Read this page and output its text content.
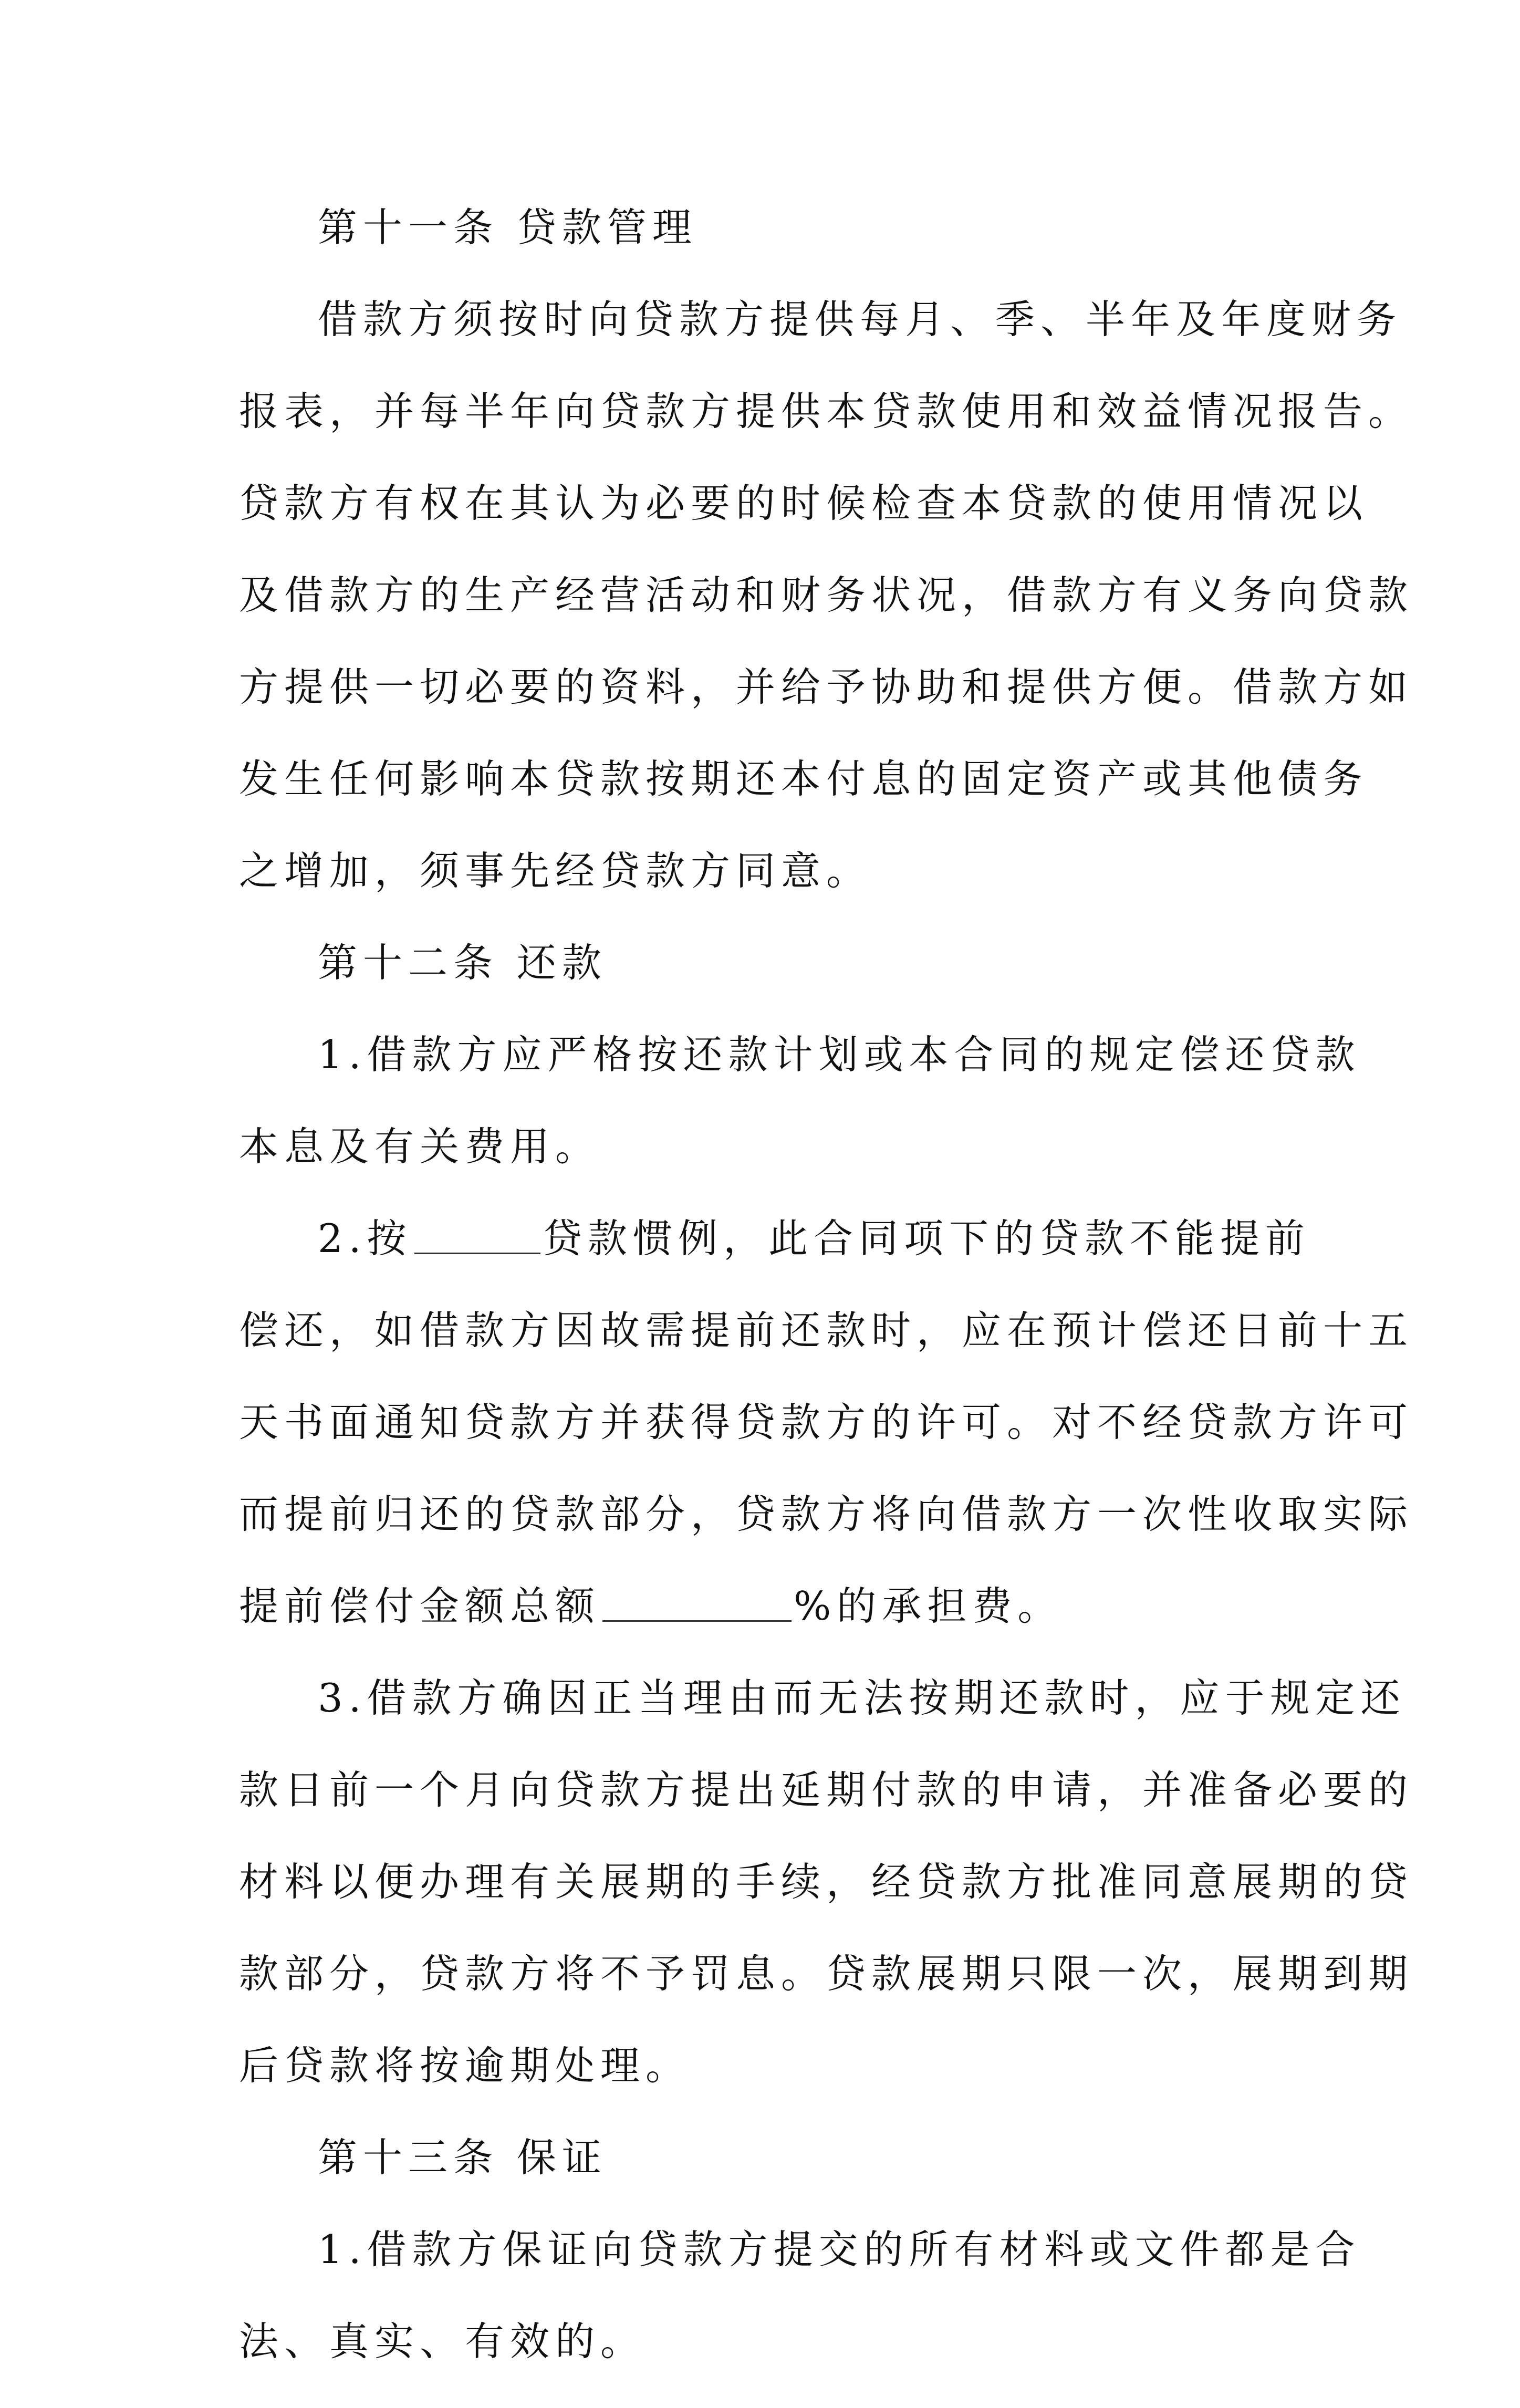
第十一条 贷款管理
借款方须按时向贷款方提供每月、季、半年及年度财务
报表，并每半年向贷款方提供本贷款使用和效益情况报告。
贷款方有权在其认为必要的时候检查本贷款的使用情况以
及借款方的生产经营活动和财务状况，借款方有义务向贷款
方提供一切必要的资料，并给予协助和提供方便。借款方如
发生任何影响本贷款按期还本付息的固定资产或其他债务
之增加，须事先经贷款方同意。
第十二条 还款
1.借款方应严格按还款计划或本合同的规定偿还贷款
本息及有关费用。
2.按	贷款惯例，此合同项下的贷款不能提前
偿还，如借款方因故需提前还款时，应在预计偿还日前十五
天书面通知贷款方并获得贷款方的许可。对不经贷款方许可
而提前归还的贷款部分，贷款方将向借款方一次性收取实际
提前偿付金额总额	%的承担费。
3.借款方确因正当理由而无法按期还款时，应于规定还
款日前一个月向贷款方提出延期付款的申请，并准备必要的
材料以便办理有关展期的手续，经贷款方批准同意展期的贷
款部分，贷款方将不予罚息。贷款展期只限一次，展期到期
后贷款将按逾期处理。
第十三条 保证
1.借款方保证向贷款方提交的所有材料或文件都是合
法、真实、有效的。
